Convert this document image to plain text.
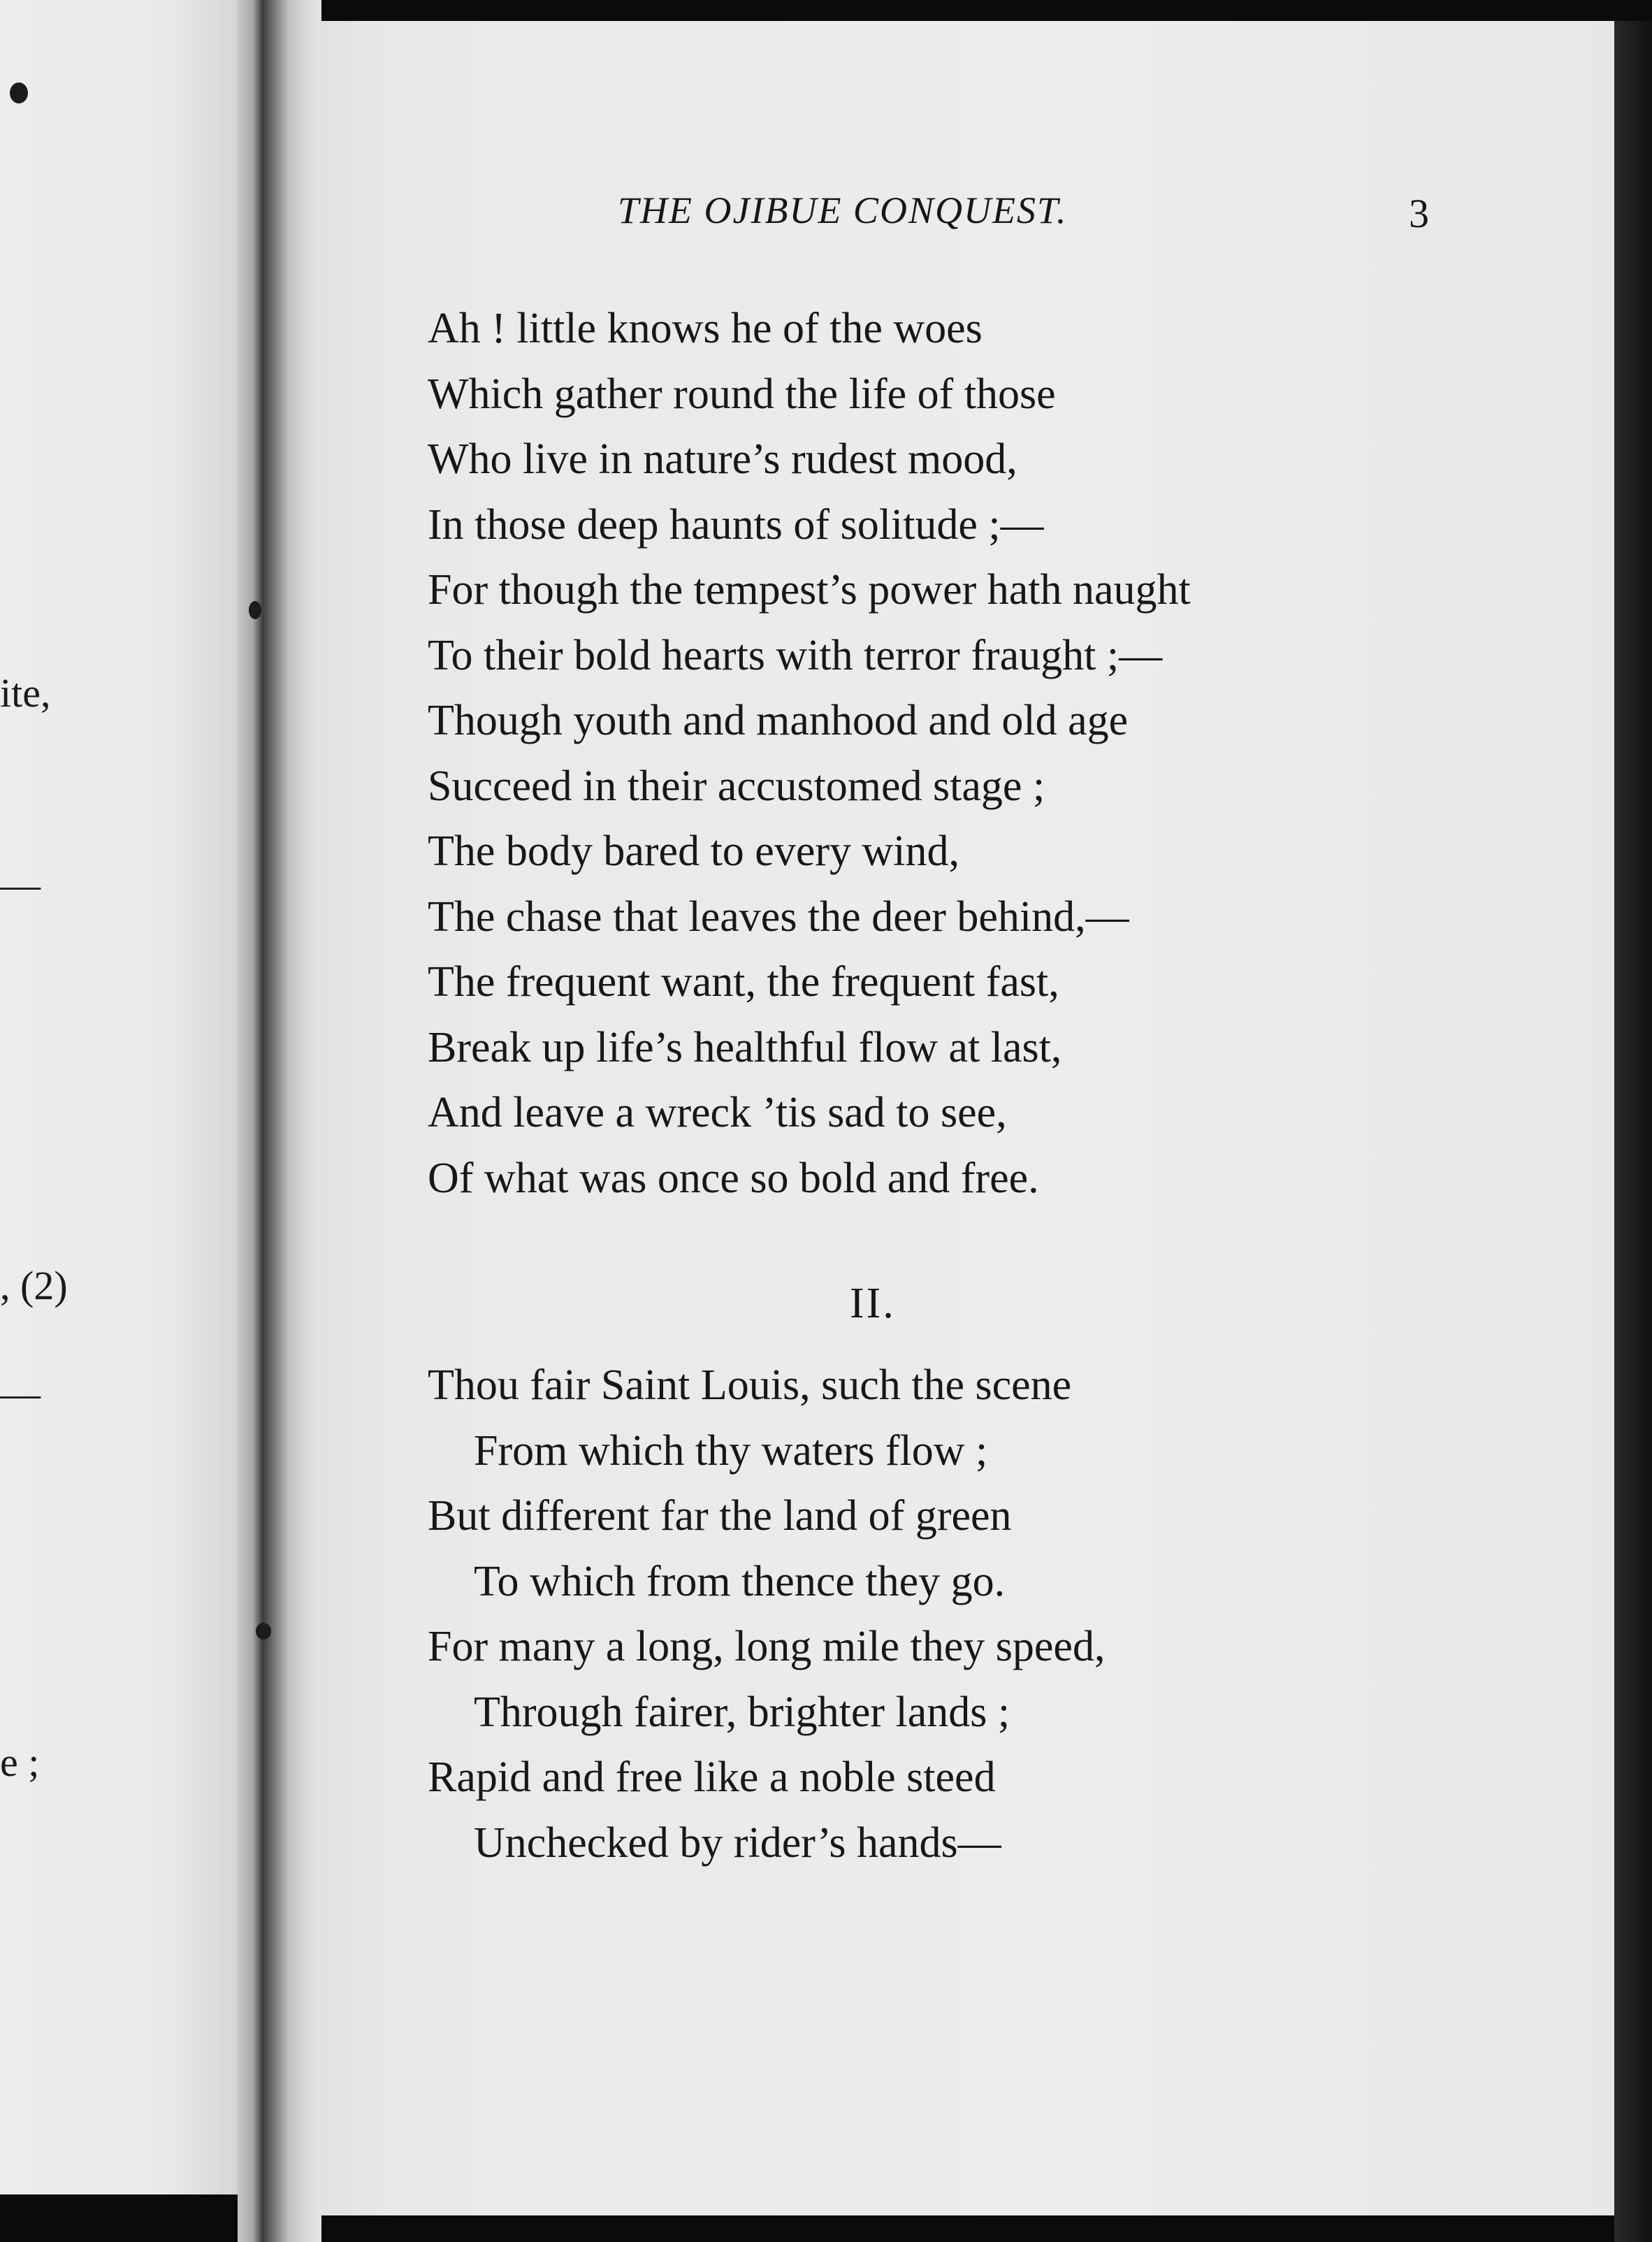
ite,
—
, (2)
—
e ;
THE OJIBUE CONQUEST.	3
Ah ! little knows he of the woes
Which gather round the life of those
Who live in nature’s rudest mood,
In those deep haunts of solitude ;—
For though the tempest’s power hath naught
To their bold hearts with terror fraught ;—
Though youth and manhood and old age
Succeed in their accustomed stage ;
The body bared to every wind,
The chase that leaves the deer behind,—
The frequent want, the frequent fast,
Break up life’s healthful flow at last,
And leave a wreck ’tis sad to see,
Of what was once so bold and free.
II.
Thou fair Saint Louis, such the scene
From which thy waters flow ;
But different far the land of green
To which from thence they go.
For many a long, long mile they speed,
Through fairer, brighter lands ;
Rapid and free like a noble steed
Unchecked by rider’s hands—
